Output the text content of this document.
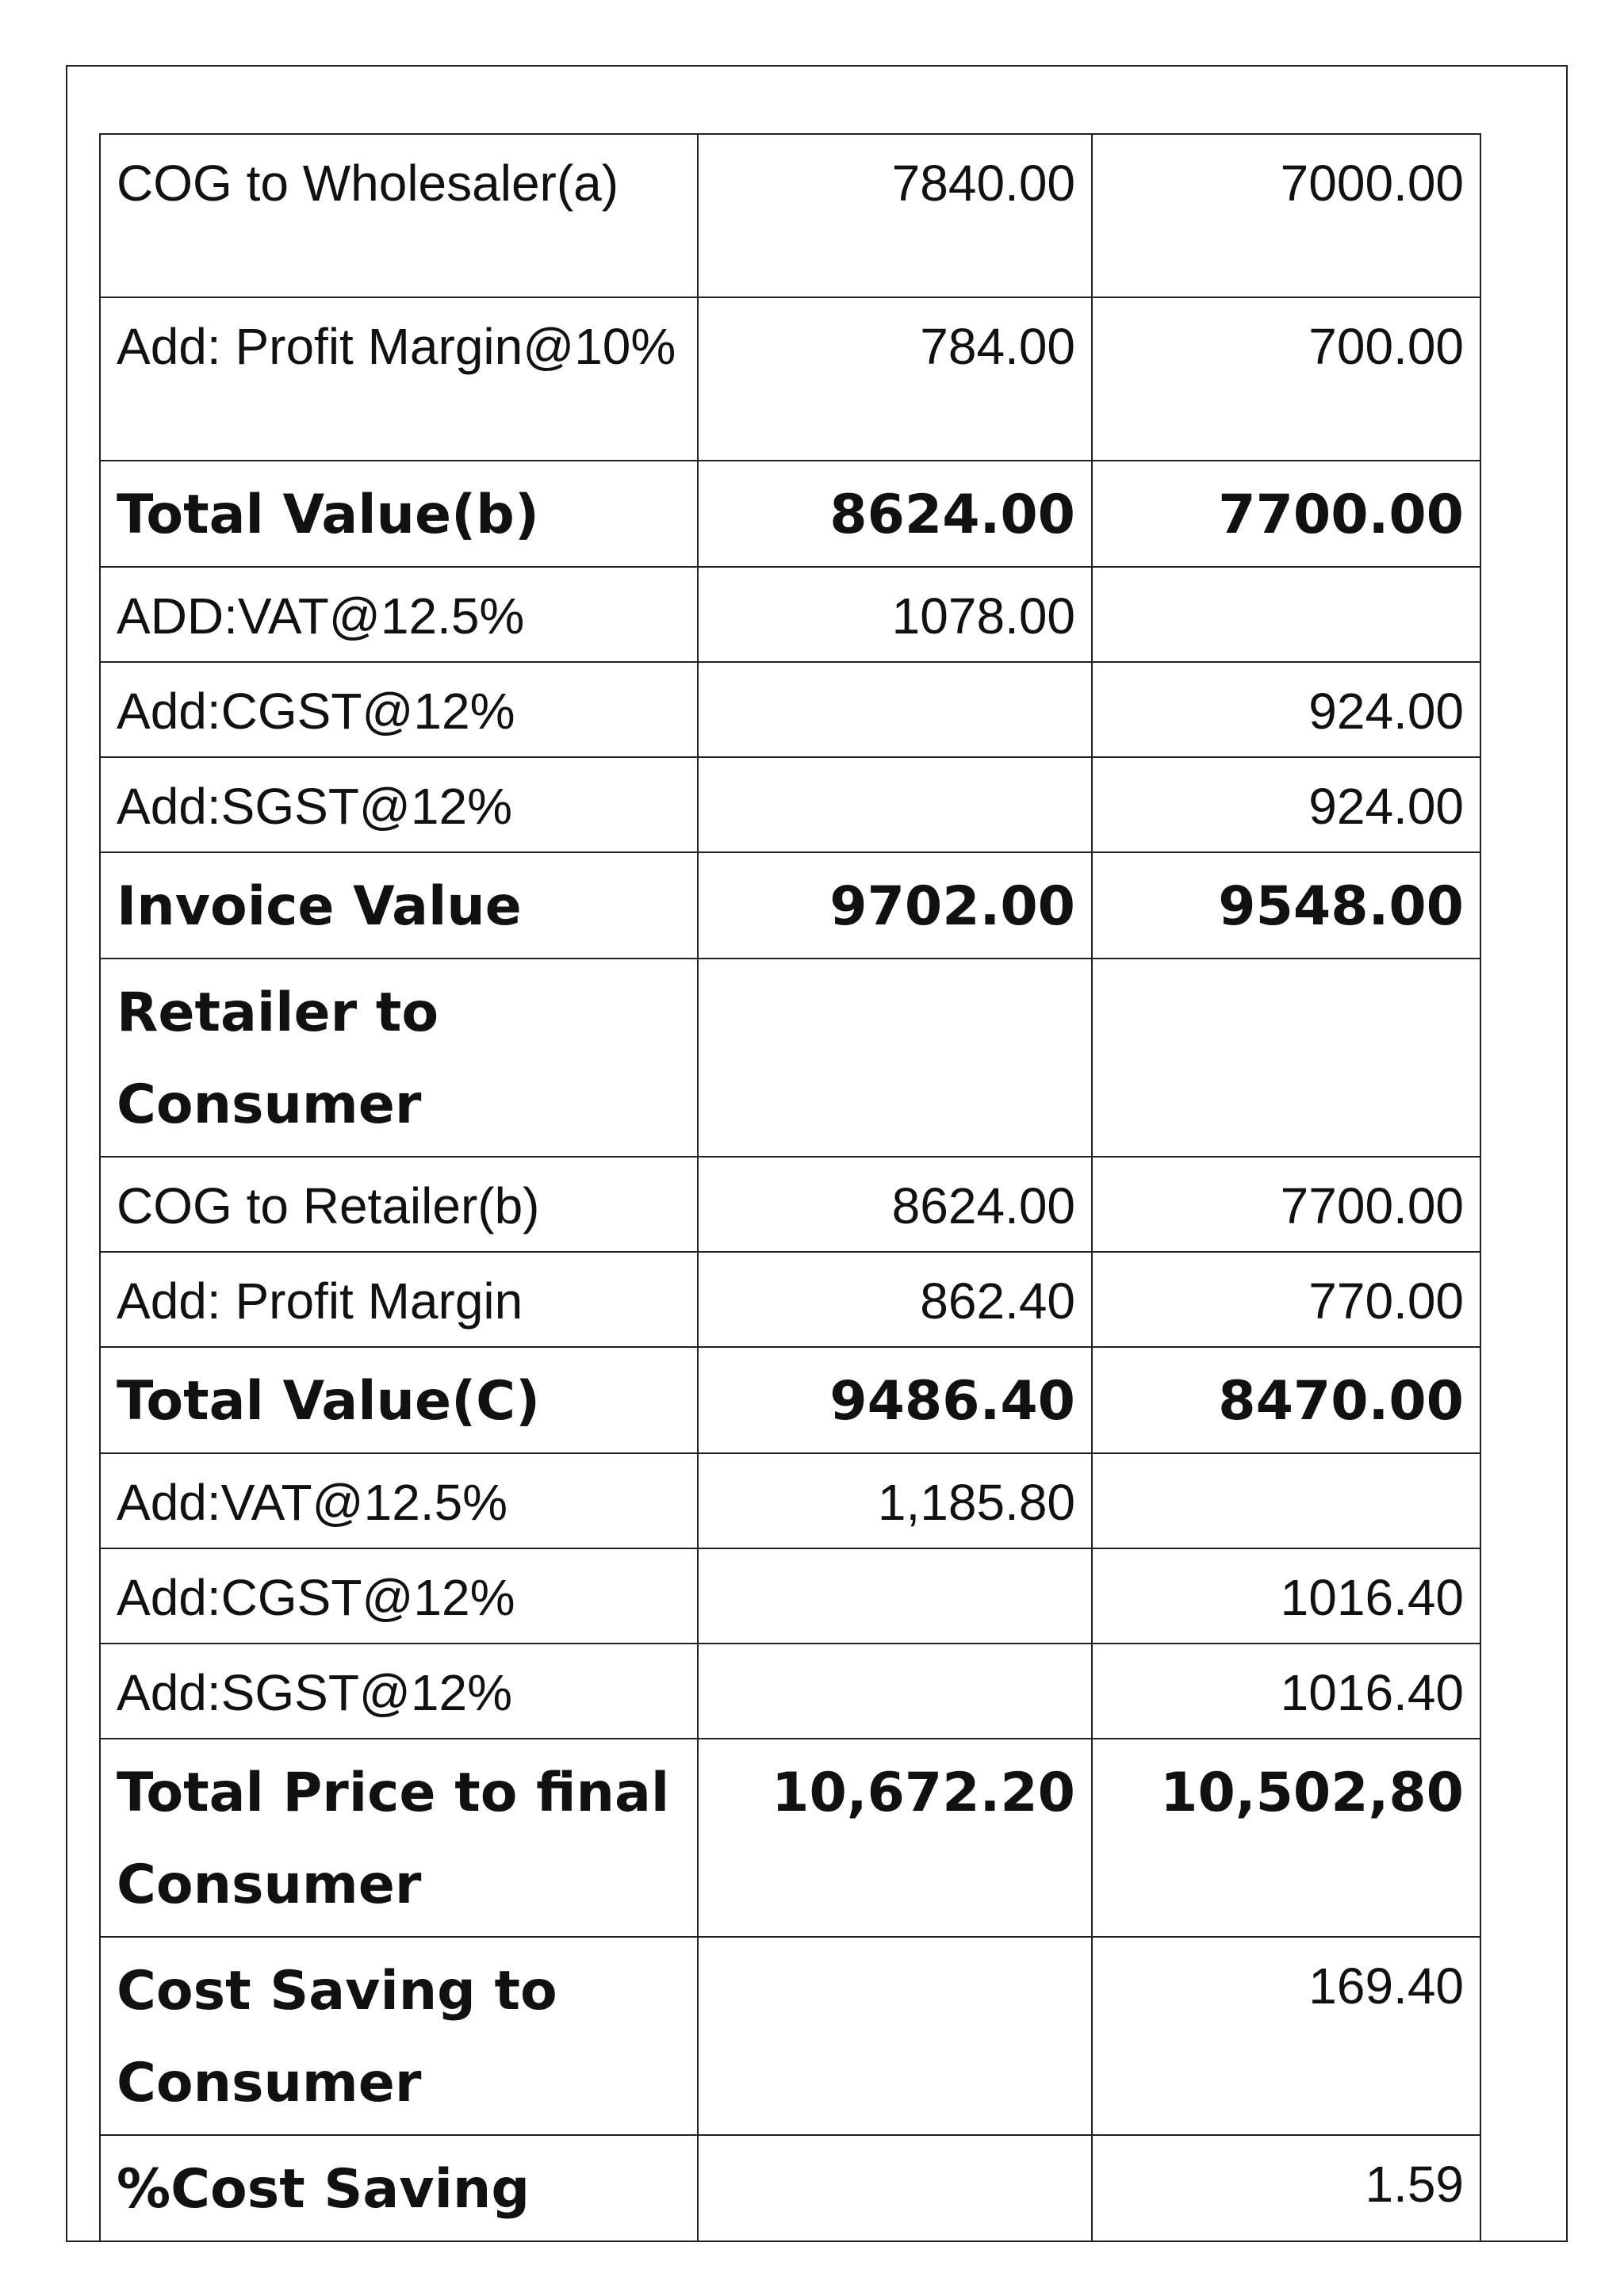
COG to Wholesaler(a)	7840.00	7000.00
Add: Profit Margin@10%	784.00	700.00
Total Value(b)	8624.00	7700.00
ADD:VAT@12.5%	1078.00	
Add:CGST@12%		924.00
Add:SGST@12%		924.00
Invoice Value	9702.00	9548.00
Retailer to Consumer		
COG to Retailer(b)	8624.00	7700.00
Add: Profit Margin	862.40	770.00
Total Value(C)	9486.40	8470.00
Add:VAT@12.5%	1,185.80	
Add:CGST@12%		1016.40
Add:SGST@12%		1016.40
Total Price to final Consumer	10,672.20	10,502,80
Cost Saving to Consumer		169.40
%Cost Saving		1.59
